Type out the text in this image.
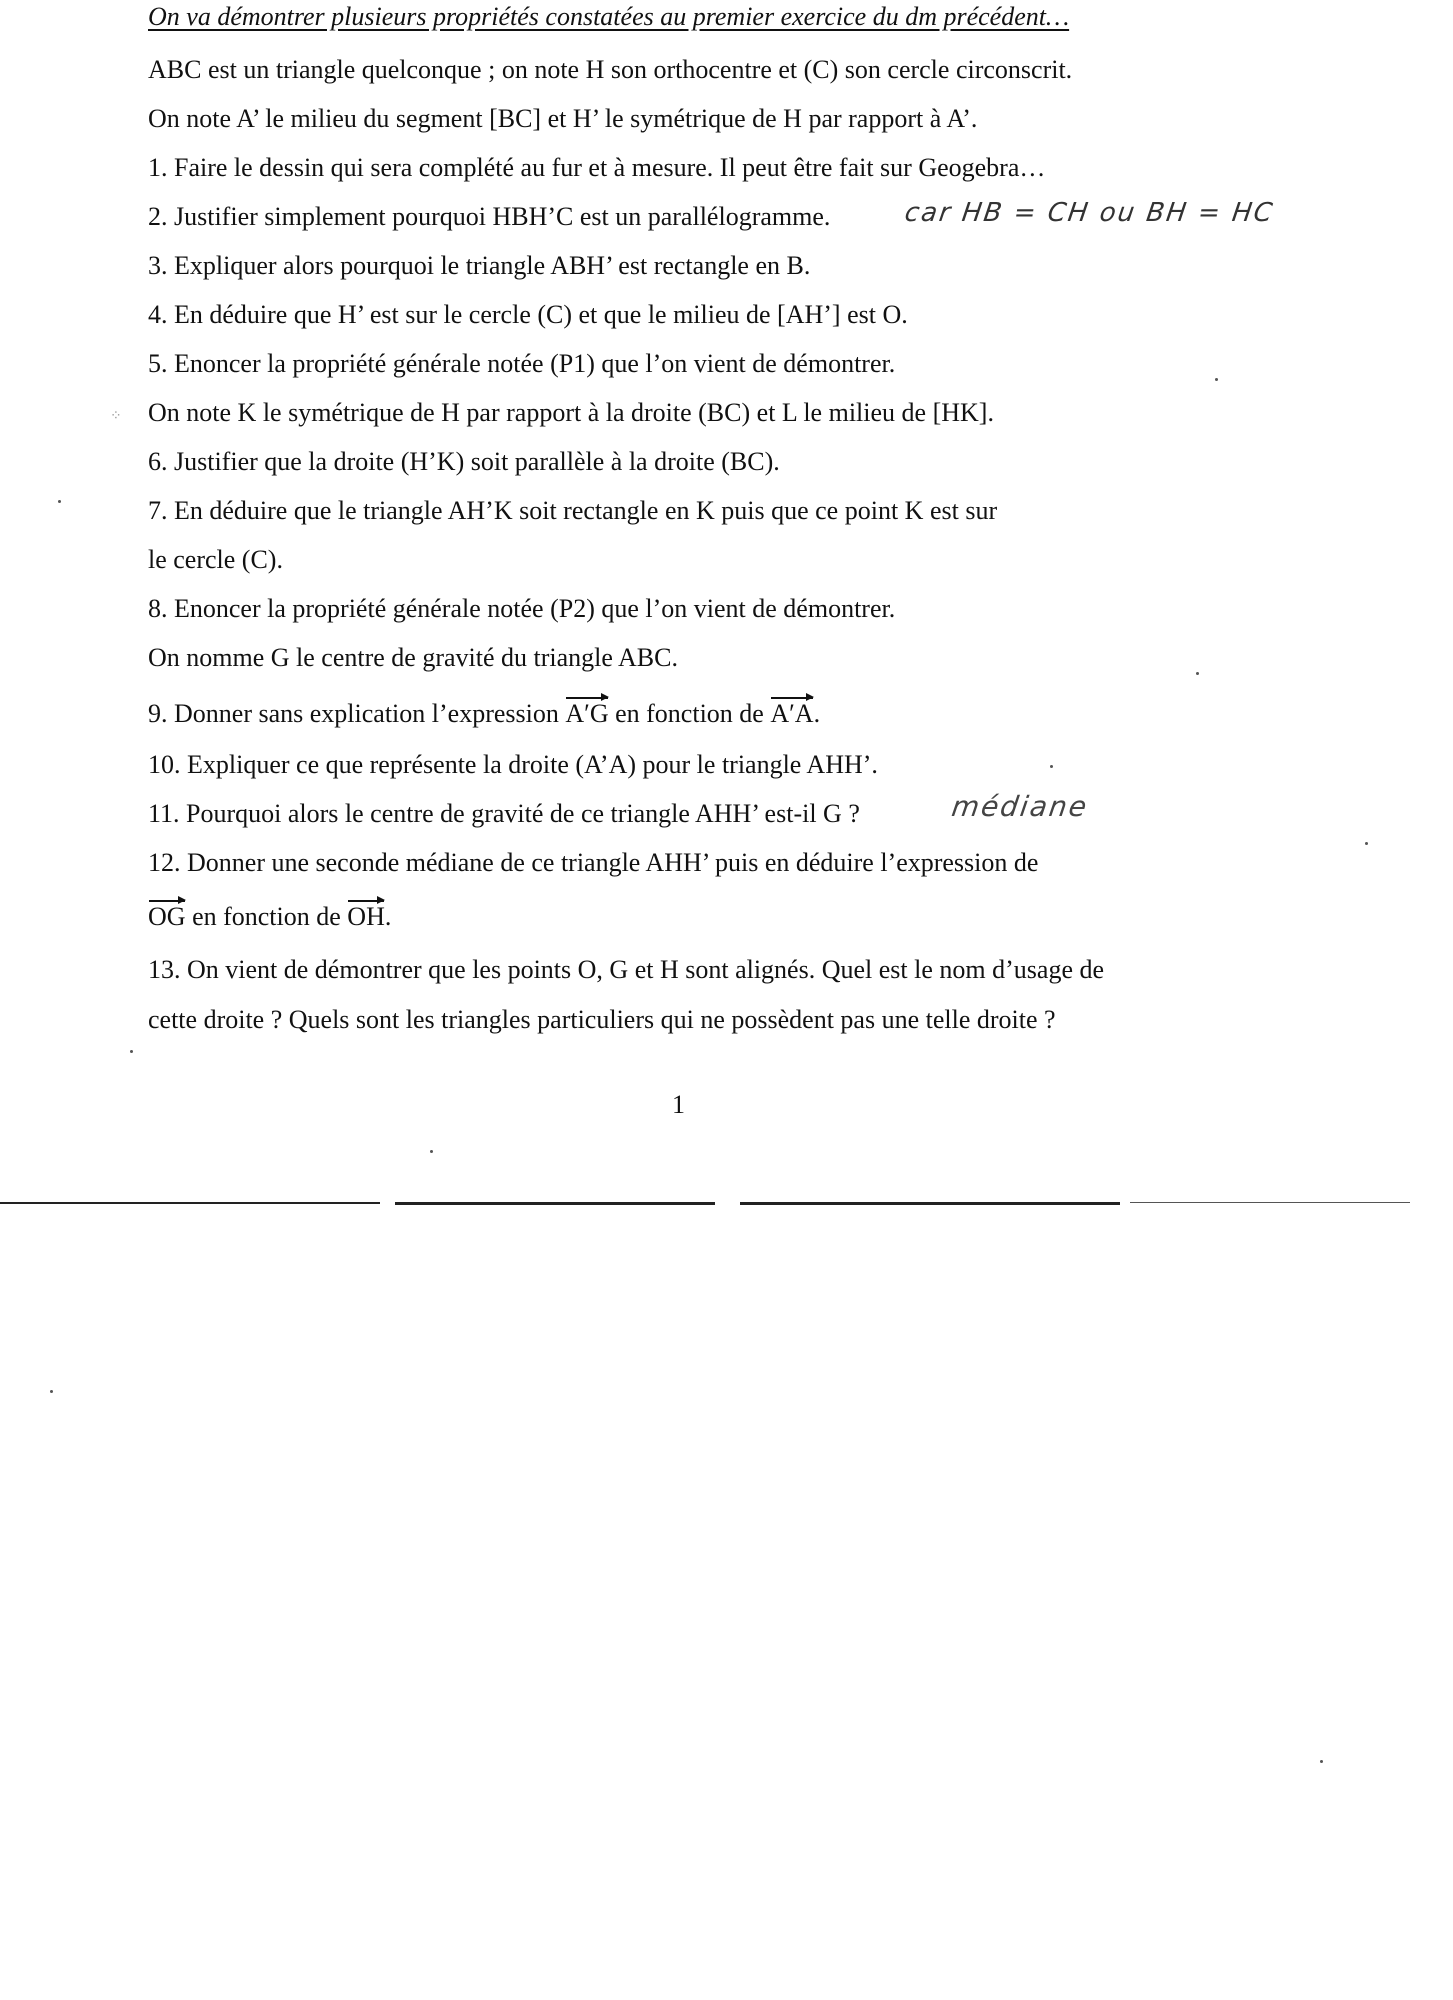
On va démontrer plusieurs propriétés constatées au premier exercice du dm précédent…
ABC est un triangle quelconque ; on note H son orthocentre et (C) son cercle circonscrit.
On note A’ le milieu du segment [BC] et H’ le symétrique de H par rapport à A’.
1. Faire le dessin qui sera complété au fur et à mesure. Il peut être fait sur Geogebra…
2. Justifier simplement pourquoi HBH’C est un parallélogramme.	car HB = CH ou BH = HC
3. Expliquer alors pourquoi le triangle ABH’ est rectangle en B.
4. En déduire que H’ est sur le cercle (C) et que le milieu de [AH’] est O.
5. Enoncer la propriété générale notée (P1) que l’on vient de démontrer.
On note K le symétrique de H par rapport à la droite (BC) et L le milieu de [HK].
6. Justifier que la droite (H’K) soit parallèle à la droite (BC).
7. En déduire que le triangle AH’K soit rectangle en K puis que ce point K est sur
le cercle (C).
8. Enoncer la propriété générale notée (P2) que l’on vient de démontrer.
On nomme G le centre de gravité du triangle ABC.
9. Donner sans explication l’expression A′G en fonction de A′A.
10. Expliquer ce que représente la droite (A’A) pour le triangle AHH’.
11. Pourquoi alors le centre de gravité de ce triangle AHH’ est-il G ?	médiane
12. Donner une seconde médiane de ce triangle AHH’ puis en déduire l’expression de
OG en fonction de OH.
13. On vient de démontrer que les points O, G et H sont alignés. Quel est le nom d’usage de
cette droite ? Quels sont les triangles particuliers qui ne possèdent pas une telle droite ?
1
⁘
